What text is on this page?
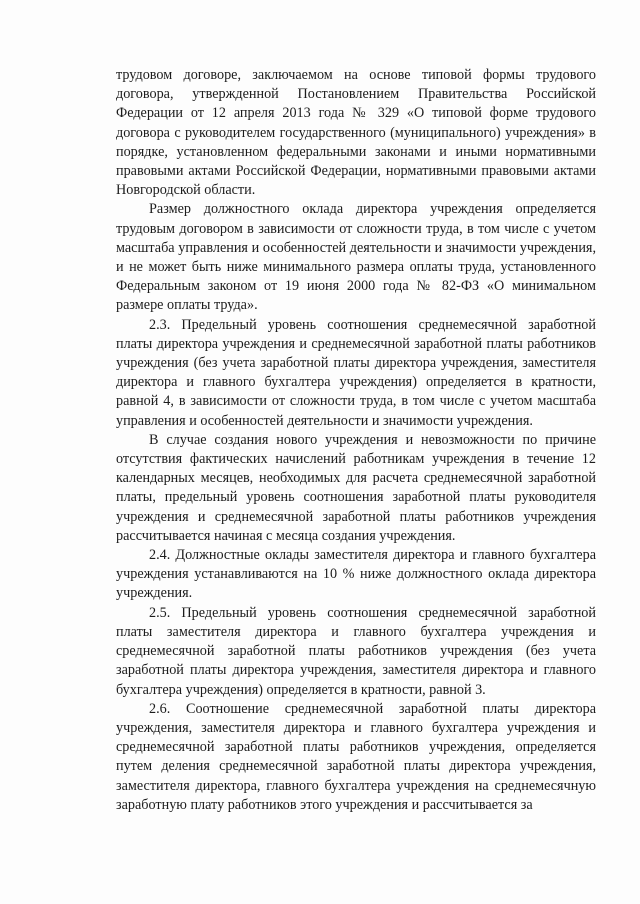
трудовом договоре, заключаемом на основе типовой формы трудового договора, утвержденной Постановлением Правительства Российской Федерации от 12 апреля 2013 года № 329 «О типовой форме трудового договора с руководителем государственного (муниципального) учреждения» в порядке, установленном федеральными законами и иными нормативными правовыми актами Российской Федерации, нормативными правовыми актами Новгородской области.

Размер должностного оклада директора учреждения определяется трудовым договором в зависимости от сложности труда, в том числе с учетом масштаба управления и особенностей деятельности и значимости учреждения, и не может быть ниже минимального размера оплаты труда, установленного Федеральным законом от 19 июня 2000 года № 82-ФЗ «О минимальном размере оплаты труда».

2.3. Предельный уровень соотношения среднемесячной заработной платы директора учреждения и среднемесячной заработной платы работников учреждения (без учета заработной платы директора учреждения, заместителя директора и главного бухгалтера учреждения) определяется в кратности, равной 4, в зависимости от сложности труда, в том числе с учетом масштаба управления и особенностей деятельности и значимости учреждения.

В случае создания нового учреждения и невозможности по причине отсутствия фактических начислений работникам учреждения в течение 12 календарных месяцев, необходимых для расчета среднемесячной заработной платы, предельный уровень соотношения заработной платы руководителя учреждения и среднемесячной заработной платы работников учреждения рассчитывается начиная с месяца создания учреждения.

2.4. Должностные оклады заместителя директора и главного бухгалтера учреждения устанавливаются на 10 % ниже должностного оклада директора учреждения.

2.5. Предельный уровень соотношения среднемесячной заработной платы заместителя директора и главного бухгалтера учреждения и среднемесячной заработной платы работников учреждения (без учета заработной платы директора учреждения, заместителя директора и главного бухгалтера учреждения) определяется в кратности, равной 3.

2.6. Соотношение среднемесячной заработной платы директора учреждения, заместителя директора и главного бухгалтера учреждения и среднемесячной заработной платы работников учреждения, определяется путем деления среднемесячной заработной платы директора учреждения, заместителя директора, главного бухгалтера учреждения на среднемесячную заработную плату работников этого учреждения и рассчитывается за
